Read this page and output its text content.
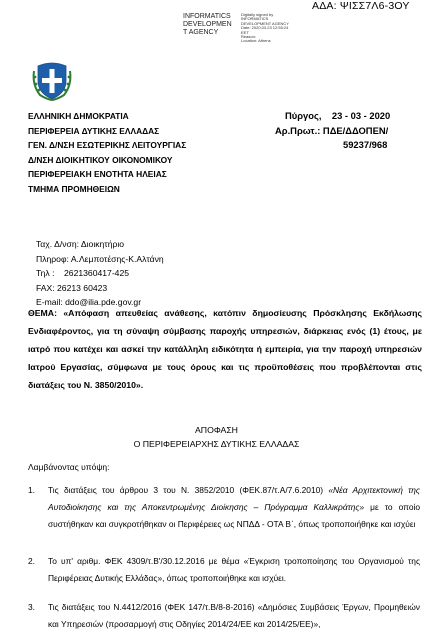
ΑΔΑ: ΨΙΣΣ7Λ6-3ΟΥ
INFORMATICS
DEVELOPMEN
T AGENCY
Digitally signed by
INFORMATICS
DEVELOPMENT AGENCY
Date: 2020.03.23 12:55:24
EET
Reason:
Location: Athens
ΕΛΛΗΝΙΚΗ ΔΗΜΟΚΡΑΤΙΑ
ΠΕΡΙΦΕΡΕΙΑ ΔΥΤΙΚΗΣ ΕΛΛΑΔΑΣ
ΓΕΝ. Δ/ΝΣΗ ΕΣΩΤΕΡΙΚΗΣ ΛΕΙΤΟΥΡΓΙΑΣ
Δ/ΝΣΗ ΔΙΟΙΚΗΤΙΚΟΥ ΟΙΚΟΝΟΜΙΚΟΥ
ΠΕΡΙΦΕΡΕΙΑΚΗ ΕΝΟΤΗΤΑ ΗΛΕΙΑΣ
ΤΜΗΜΑ ΠΡΟΜΗΘΕΙΩΝ
Πύργος,    23 - 03 - 2020
Αρ.Πρωτ.: ΠΔΕ/ΔΔΟΠΕΝ/
59237/968
Ταχ. Δ/νση: Διοικητήριο
Πληροφ: Α.Λεμποτέσης-Κ.Αλτάνη
Τηλ :    2621360417-425
FAX: 26213 60423
E-mail: ddo@ilia.pde.gov.gr
ΘΕΜΑ: «Απόφαση απευθείας ανάθεσης, κατόπιν δημοσίευσης Πρόσκλησης Εκδήλωσης Ενδιαφέροντος, για τη σύναψη σύμβασης παροχής υπηρεσιών, διάρκειας ενός (1) έτους, με ιατρό που κατέχει και ασκεί την κατάλληλη ειδικότητα ή εμπειρία, για την παροχή υπηρεσιών Ιατρού Εργασίας, σύμφωνα με τους όρους και τις προϋποθέσεις που προβλέπονται στις διατάξεις του Ν. 3850/2010».
ΑΠΟΦΑΣΗ
Ο ΠΕΡΙΦΕΡΕΙΑΡΧΗΣ ΔΥΤΙΚΗΣ ΕΛΛΑΔΑΣ
Λαμβάνοντας υπόψη:
1. Τις διατάξεις του άρθρου 3 του Ν. 3852/2010 (ΦΕΚ.87/τ.Α/7.6.2010) «Νέα Αρχιτεκτονική της Αυτοδιοίκησης και της Αποκεντρωμένης Διοίκησης – Πρόγραμμα Καλλικράτης» με το οποίο συστήθηκαν και συγκροτήθηκαν οι Περιφέρειες ως ΝΠΔΔ - ΟΤΑ Β΄, όπως τροποποιήθηκε και ισχύει
2. Το υπ' αριθμ. ΦΕΚ 4309/τ.Β'/30.12.2016 με θέμα «Έγκριση τροποποίησης του Οργανισμού της Περιφέρειας Δυτικής Ελλάδας», όπως τροποποιήθηκε και ισχύει.
3. Τις διατάξεις του Ν.4412/2016 (ΦΕΚ 147/τ.Β/8-8-2016) «Δημόσιες Συμβάσεις Έργων, Προμηθειών και Υπηρεσιών (προσαρμογή στις Οδηγίες 2014/24/ΕΕ και 2014/25/ΕΕ)»,
